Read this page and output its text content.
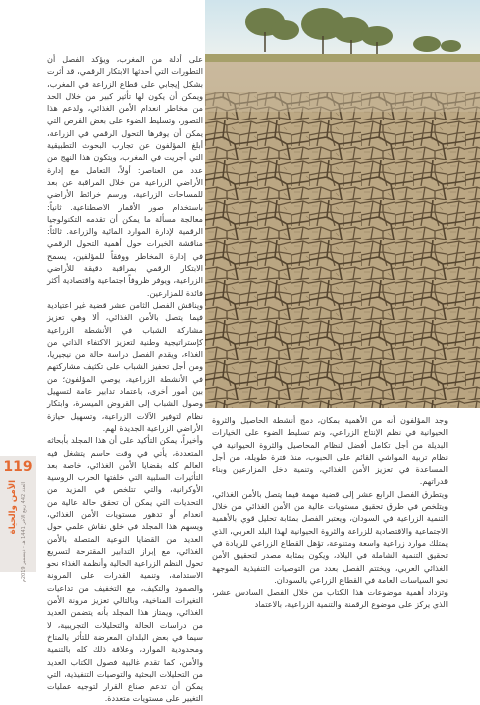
على أدلة من المغرب، ويؤكد الفصل أن التطورات التي أحدثها الابتكار الرقمي، قد أثرت بشكل إيجابي على قطاع الزراعة في المغرب، ويمكن أن يكون لها تأثير كبير من خلال الحد من مخاطر انعدام الأمن الغذائي، ولدعم هذا التصور، وتسليط الضوء على بعض الفرص التي يمكن أن يوفرها التحول الرقمي في الزراعة، أبلغ المؤلفون عن تجارب البحوث التطبيقية التي أجريت في المغرب، ويتكون هذا النهج من عدد من العناصر: أولاً، التعامل مع إدارة الأراضي الزراعية من خلال المراقبة عن بعد للمساحات الزراعية، ورسم خرائط الأراضي باستخدام صور الأقمار الاصطناعية. ثانياً: معالجة مسألة ما يمكن أن تقدمه التكنولوجيا الرقمية لإدارة الموارد المائية والزراعة. ثالثاً: مناقشة الخبرات حول أهمية التحول الرقمي في إدارة المخاطر ووفقاً للمؤلفين، يسمح الابتكار الرقمي بمراقبة دقيقة للأراضي الزراعية، ويوفر ظروفاً اجتماعية واقتصادية أكثر فائدة للمزارعين.

ويناقش الفصل الثامن عشر قضية غير اعتيادية فيما يتصل بالأمن الغذائي، ألا وهي تعزيز مشاركة الشباب في الأنشطة الزراعية كإستراتيجية وطنية لتعزيز الاكتفاء الذاتي من الغذاء، ويقدم الفصل دراسة حالة من نيجيريا، ومن أجل تحفيز الشباب على تكثيف مشاركتهم في الأنشطة الزراعية، يوصي المؤلفون؛ من بين أمور أخرى، باعتماد تدابير عامة لتسهيل وصول الشباب إلى القروض الميسرة، وابتكار نظام لتوفير الآلات الزراعية، وتسهيل حيازة الأراضي الزراعية الجديدة لهم.

وأخيراً، يمكن التأكيد على أن هذا المجلد بأبحاثه المتعددة، يأتي في وقت حاسم يتشغل فيه العالم كله بقضايا الأمن الغذائي، خاصة بعد التأثيرات السلبية التي خلفتها الحرب الروسية الأوكرانية، والتي تتلخص في المزيد من التحديات التي يمكن أن تحقق حالة عالية من انعدام أو تدهور مستويات الأمن الغذائي، ويسهم هذا المجلد في خلق نقاش علمي حول العديد من القضايا النوعية المتصلة بالأمن الغذائي، مع إبراز التدابير المقترحة لتسريع تحول النظم الزراعية الحالية وأنظمة الغذاء نحو الاستدامة، وتنمية القدرات على المرونة والصمود والتكيف، مع التخفيف من تداعيات التغيرات المناخية، وبالتالي تعزيز مرونة الأمن الغذائي، ويمتاز هذا المجلد بأنه يتضمن العديد من دراسات الحالة والتحليلات التجريبية، لا سيما في بعض البلدان المعرضة للتأثر بالمناخ ومحدودية الموارد، وعلاقة ذلك كله بالتنمية والأمن، كما تقدم غالبية فصول الكتاب العديد من التحليلات البحثية والتوصيات التنفيذية، التي يمكن أن تدعم صناع القرار لتوجيه عمليات التغيير على مستويات متعددة.

وجد المؤلفون أنه من الأهمية بمكان، دمج أنشطة الحاصيل والثروة الحيوانية في نظم الإنتاج الزراعي، وتم تسليط الضوء على الخيارات البديلة من أجل تكامل أفضل لنظام المحاصيل والثروة الحيوانية في نظام تربية المواشي القائم على الحبوب، منذ فترة طويلة، من أجل المساعدة في تعزيز الأمن الغذائي، وتنمية دخل المزارعين وبناء قدراتهم.

ويتطرق الفصل الرابع عشر إلى قضية مهمة فيما يتصل بالأمن الغذائي، ويتلخص في طرق تحقيق مستويات عالية من الأمن الغذائي من خلال التنمية الزراعية في السودان، ويعتبر الفصل بمثابة تحليل قوي بالأهمية الاجتماعية والاقتصادية للزراعة والثروة الحيوانية لهذا البلد العربي، الذي يمتلك موارد زراعية واسعة ومتنوعة، تؤهل القطاع الزراعي للريادة في تحقيق التنمية الشاملة في البلاد، ويكون بمثابة مصدر لتحقيق الأمن الغذائي العربي، ويختتم الفصل بعدد من التوصيات التنفيذية الموجهة نحو السياسات العامة في القطاع الزراعي بالسودان.

وتزداد أهمية موضوعات هذا الكتاب من خلال الفصل السادس عشر، الذي يركز على موضوع الرقمنة والتنمية الزراعية، بالاعتماد

119
الأمن والحياة
العدد 442 ربيع الآخر 1441 هـ - ديسمبر 2019م
